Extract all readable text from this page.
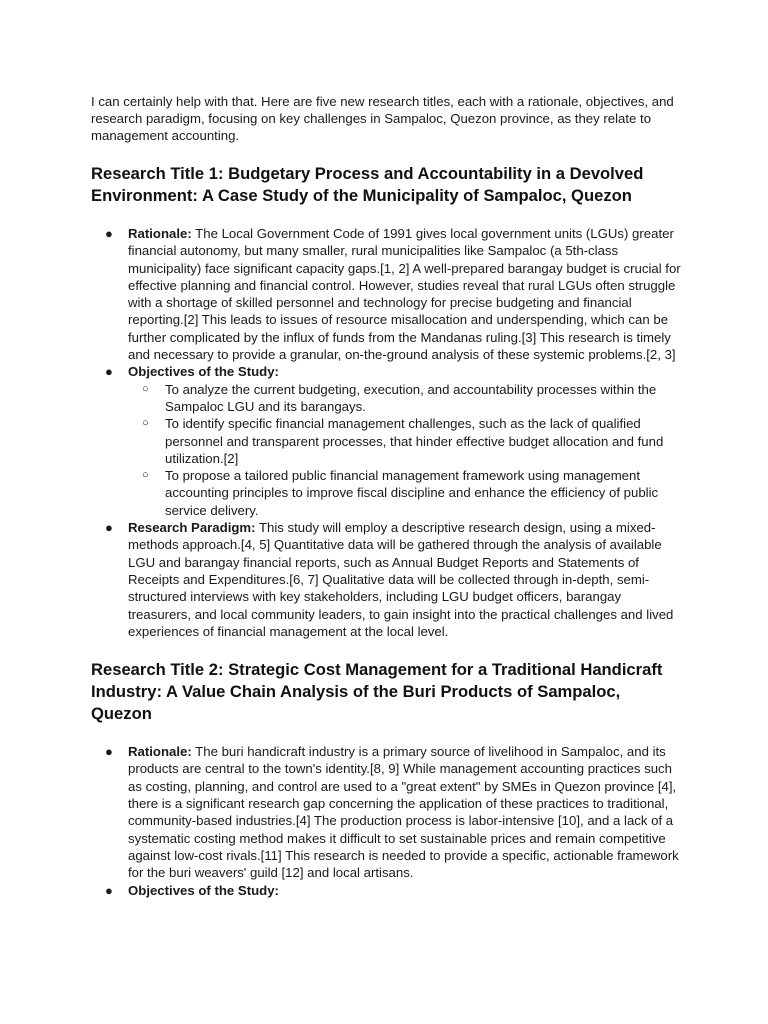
I can certainly help with that. Here are five new research titles, each with a rationale, objectives, and research paradigm, focusing on key challenges in Sampaloc, Quezon province, as they relate to management accounting.

Research Title 1: Budgetary Process and Accountability in a Devolved Environment: A Case Study of the Municipality of Sampaloc, Quezon
● Rationale: The Local Government Code of 1991 gives local government units (LGUs) greater financial autonomy, but many smaller, rural municipalities like Sampaloc (a 5th-class municipality) face significant capacity gaps.[1, 2] A well-prepared barangay budget is crucial for effective planning and financial control. However, studies reveal that rural LGUs often struggle with a shortage of skilled personnel and technology for precise budgeting and financial reporting.[2] This leads to issues of resource misallocation and underspending, which can be further complicated by the influx of funds from the Mandanas ruling.[3] This research is timely and necessary to provide a granular, on-the-ground analysis of these systemic problems.[2, 3]
● Objectives of the Study:
○ To analyze the current budgeting, execution, and accountability processes within the Sampaloc LGU and its barangays.
○ To identify specific financial management challenges, such as the lack of qualified personnel and transparent processes, that hinder effective budget allocation and fund utilization.[2]
○ To propose a tailored public financial management framework using management accounting principles to improve fiscal discipline and enhance the efficiency of public service delivery.
● Research Paradigm: This study will employ a descriptive research design, using a mixed-methods approach.[4, 5] Quantitative data will be gathered through the analysis of available LGU and barangay financial reports, such as Annual Budget Reports and Statements of Receipts and Expenditures.[6, 7] Qualitative data will be collected through in-depth, semi-structured interviews with key stakeholders, including LGU budget officers, barangay treasurers, and local community leaders, to gain insight into the practical challenges and lived experiences of financial management at the local level.
Research Title 2: Strategic Cost Management for a Traditional Handicraft Industry: A Value Chain Analysis of the Buri Products of Sampaloc, Quezon
● Rationale: The buri handicraft industry is a primary source of livelihood in Sampaloc, and its products are central to the town's identity.[8, 9] While management accounting practices such as costing, planning, and control are used to a "great extent" by SMEs in Quezon province [4], there is a significant research gap concerning the application of these practices to traditional, community-based industries.[4] The production process is labor-intensive [10], and a lack of a systematic costing method makes it difficult to set sustainable prices and remain competitive against low-cost rivals.[11] This research is needed to provide a specific, actionable framework for the buri weavers' guild [12] and local artisans.
● Objectives of the Study:
